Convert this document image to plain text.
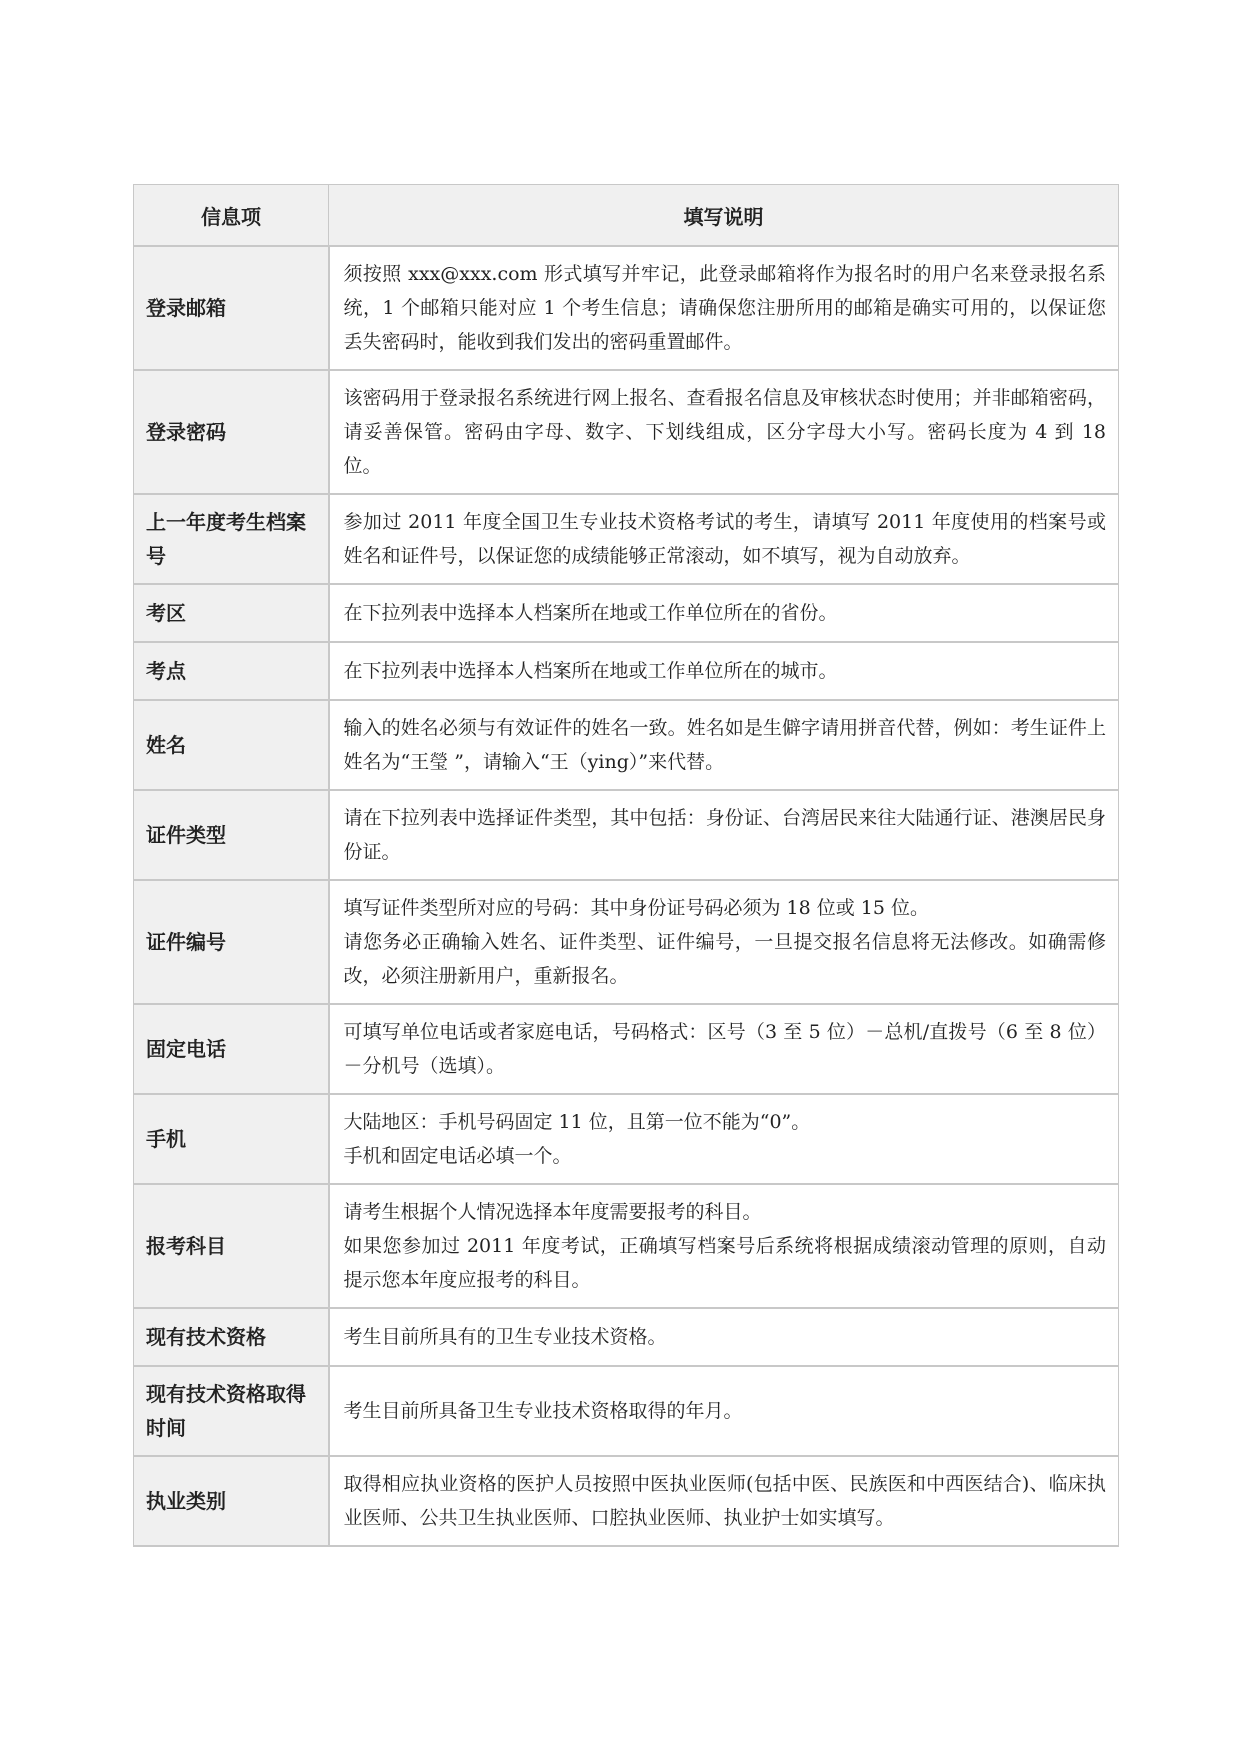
信息项	填写说明
登录邮箱	须按照 xxx@xxx.com 形式填写并牢记，此登录邮箱将作为报名时的用户名来登录报名系统，1 个邮箱只能对应 1 个考生信息；请确保您注册所用的邮箱是确实可用的，以保证您丢失密码时，能收到我们发出的密码重置邮件。

登录密码	该密码用于登录报名系统进行网上报名、查看报名信息及审核状态时使用；并非邮箱密码，请妥善保管。密码由字母、数字、下划线组成，区分字母大小写。密码长度为 4 到 18 位。

上一年度考生档案号	参加过 2011 年度全国卫生专业技术资格考试的考生，请填写 2011 年度使用的档案号或姓名和证件号，以保证您的成绩能够正常滚动，如不填写，视为自动放弃。

考区	在下拉列表中选择本人档案所在地或工作单位所在的省份。

考点	在下拉列表中选择本人档案所在地或工作单位所在的城市。

姓名	输入的姓名必须与有效证件的姓名一致。姓名如是生僻字请用拼音代替，例如：考生证件上姓名为“王瑩 ”，请输入“王（ying）”来代替。

证件类型	请在下拉列表中选择证件类型，其中包括：身份证、台湾居民来往大陆通行证、港澳居民身份证。

证件编号	填写证件类型所对应的号码：其中身份证号码必须为 18 位或 15 位。
请您务必正确输入姓名、证件类型、证件编号，一旦提交报名信息将无法修改。如确需修改，必须注册新用户，重新报名。

固定电话	可填写单位电话或者家庭电话，号码格式：区号（3 至 5 位）－总机/直拨号（6 至 8 位）－分机号（选填）。

手机	大陆地区：手机号码固定 11 位，且第一位不能为“0”。
手机和固定电话必填一个。

报考科目	请考生根据个人情况选择本年度需要报考的科目。
如果您参加过 2011 年度考试，正确填写档案号后系统将根据成绩滚动管理的原则，自动提示您本年度应报考的科目。

现有技术资格	考生目前所具有的卫生专业技术资格。

现有技术资格取得时间	考生目前所具备卫生专业技术资格取得的年月。

执业类别	取得相应执业资格的医护人员按照中医执业医师(包括中医、民族医和中西医结合)、临床执业医师、公共卫生执业医师、口腔执业医师、执业护士如实填写。
